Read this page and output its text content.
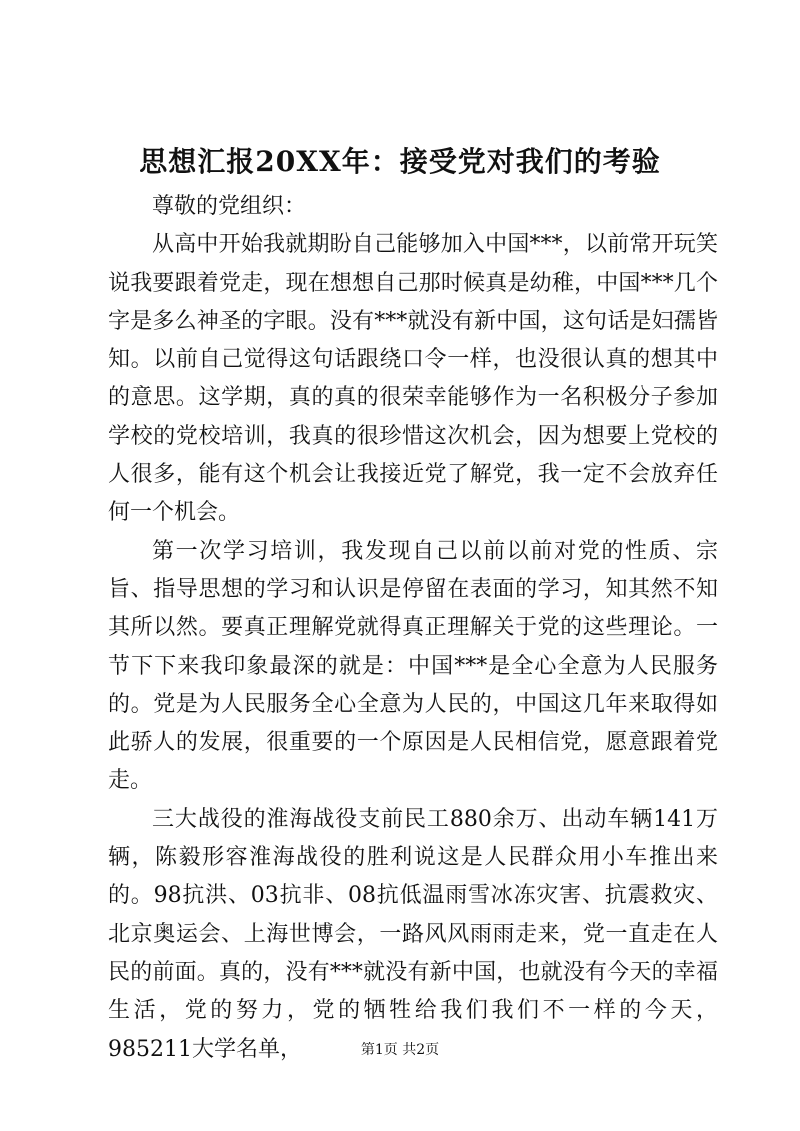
思想汇报20XX年：接受党对我们的考验

尊敬的党组织：

从高中开始我就期盼自己能够加入中国***，以前常开玩笑说我要跟着党走，现在想想自己那时候真是幼稚，中国***几个字是多么神圣的字眼。没有***就没有新中国，这句话是妇孺皆知。以前自己觉得这句话跟绕口令一样，也没很认真的想其中的意思。这学期，真的真的很荣幸能够作为一名积极分子参加学校的党校培训，我真的很珍惜这次机会，因为想要上党校的人很多，能有这个机会让我接近党了解党，我一定不会放弃任何一个机会。

第一次学习培训，我发现自己以前以前对党的性质、宗旨、指导思想的学习和认识是停留在表面的学习，知其然不知其所以然。要真正理解党就得真正理解关于党的这些理论。一节下下来我印象最深的就是：中国***是全心全意为人民服务的。党是为人民服务全心全意为人民的，中国这几年来取得如此骄人的发展，很重要的一个原因是人民相信党，愿意跟着党走。

三大战役的淮海战役支前民工880余万、出动车辆141万辆，陈毅形容淮海战役的胜利说这是人民群众用小车推出来的。98抗洪、03抗非、08抗低温雨雪冰冻灾害、抗震救灾、北京奥运会、上海世博会，一路风风雨雨走来，党一直走在人民的前面。真的，没有***就没有新中国，也就没有今天的幸福生活，党的努力，党的牺牲给我们我们不一样的今天，985211大学名单，	第1页 共2页
